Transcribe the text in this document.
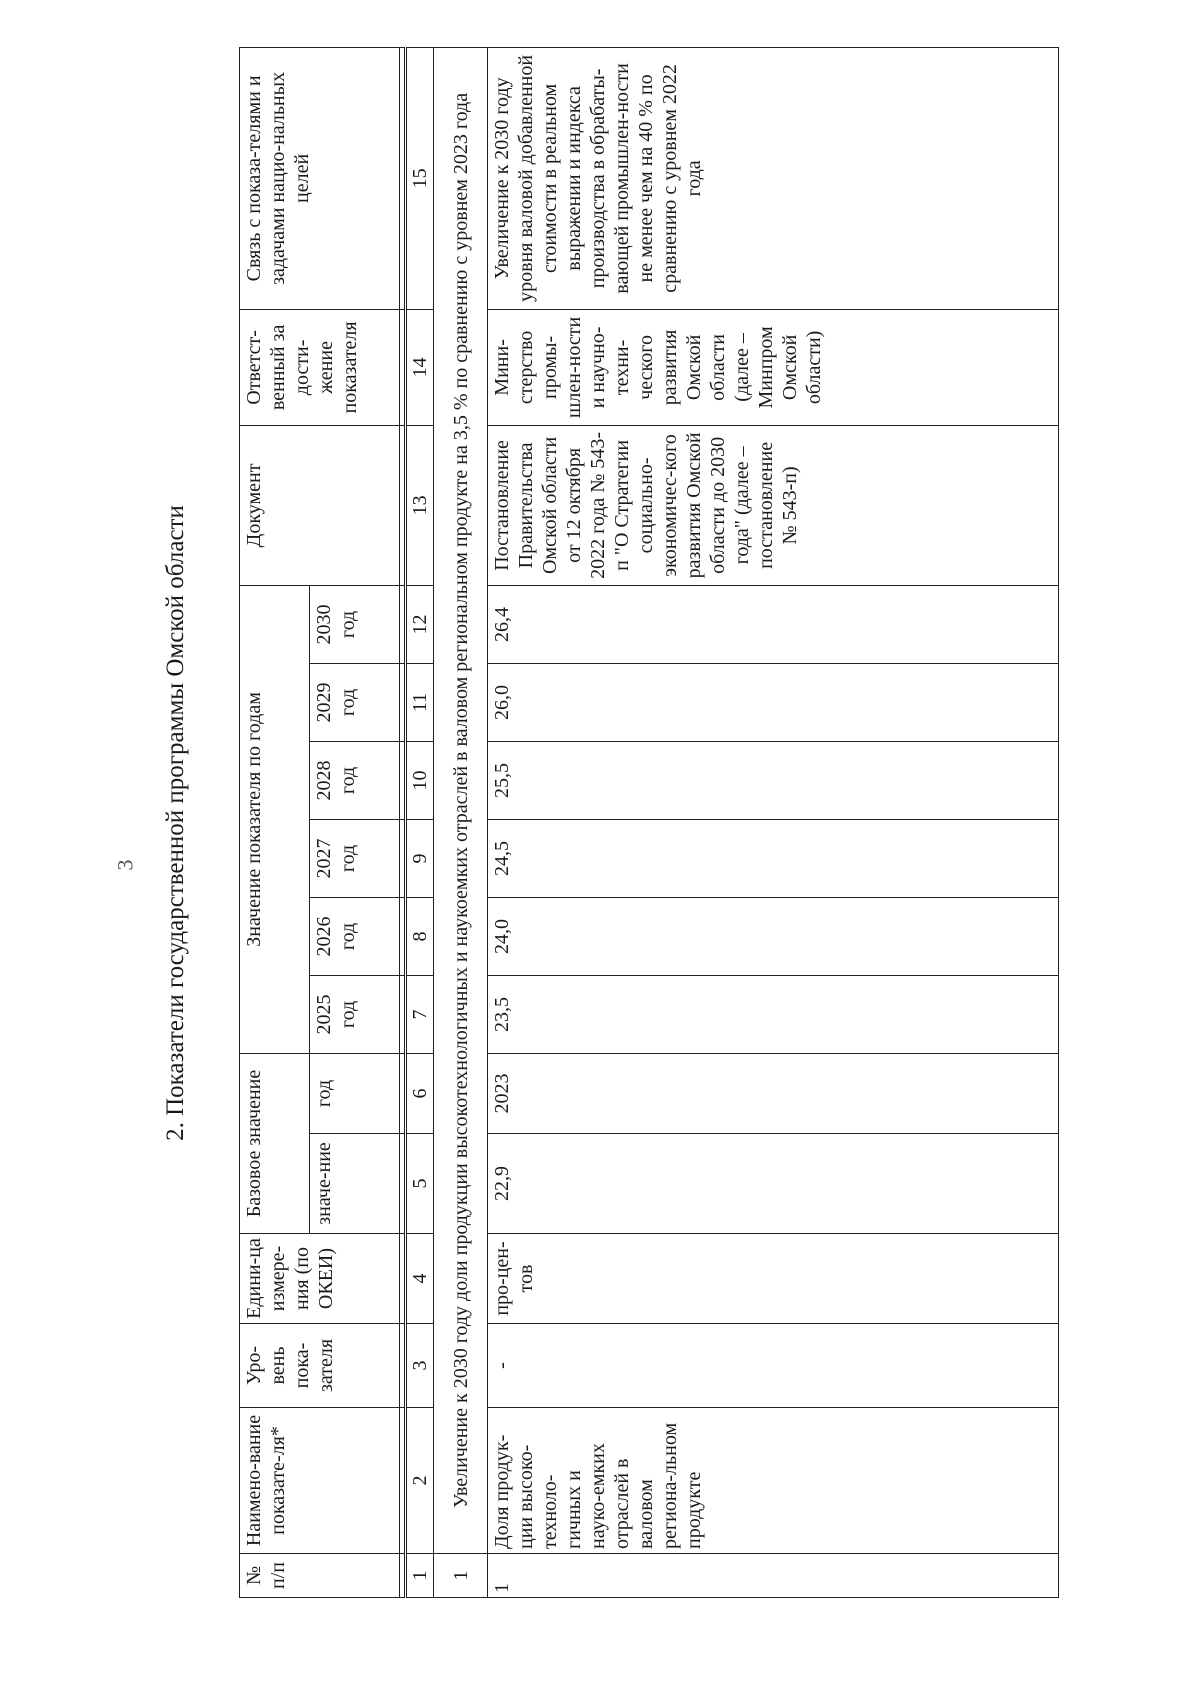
3 2. Показатели государственной программы Омской области
№ п/п	Наимено-вание показате-ля*	Уро-вень пока-зателя	Едини-ца измере-ния (по ОКЕИ)	Базовое значение		Значение показателя по годам						Документ	Ответст-венный за дости-жение показателя	Связь с показа-телями и задачами нацио-нальных целей
				значе-ние	год	2025 год	2026 год	2027 год	2028 год	2029 год	2030 год			

1	2	3	4	5	6	7	8	9	10	11	12	13	14	15
1	Увеличение к 2030 году доли продукции высокотехнологичных и наукоемких отраслей в валовом региональном продукте на 3,5 % по сравнению с уровнем 2023 года													
1	Доля продук-ции высоко-техноло-гичных и науко-емких отраслей в валовом региона-льном продукте	-	про-цен-тов	22,9	2023	23,5	24,0	24,5	25,5	26,0	26,4	Постановление Правительства Омской области от 12 октября 2022 года № 543-п "О Стратегии социально-экономичес-кого развития Омской области до 2030 года" (далее – постановление № 543-п)	Мини-стерство промы-шлен-ности и научно-техни-ческого развития Омской области (далее – Минпром Омской области)	Увеличение к 2030 году уровня валовой добавленной стоимости в реальном выражении и индекса производства в обрабаты-вающей промышлен-ности не менее чем на 40 % по сравнению с уровнем 2022 года
